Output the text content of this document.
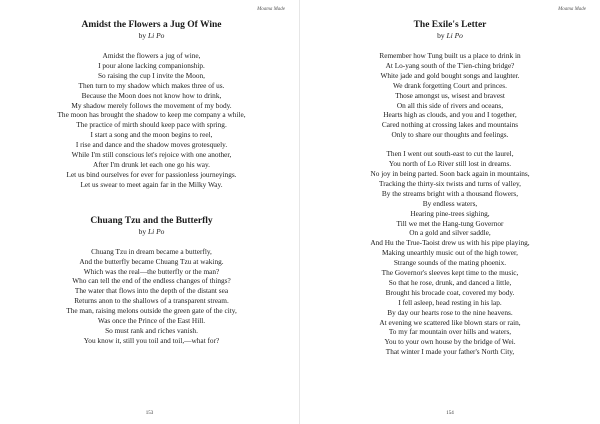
Moama Made

Amidst the Flowers a Jug Of Wine

by Li Po

Amidst the flowers a jug of wine,
I pour alone lacking companionship.
So raising the cup I invite the Moon,
Then turn to my shadow which makes three of us.
Because the Moon does not know how to drink,
My shadow merely follows the movement of my body.
The moon has brought the shadow to keep me company a while,
The practice of mirth should keep pace with spring.
I start a song and the moon begins to reel,
I rise and dance and the shadow moves grotesquely.
While I'm still conscious let's rejoice with one another,
After I'm drunk let each one go his way.
Let us bind ourselves for ever for passionless journeyings.
Let us swear to meet again far in the Milky Way.

Chuang Tzu and the Butterfly

by Li Po

Chuang Tzu in dream became a butterfly,
And the butterfly became Chuang Tzu at waking.
Which was the real—the butterfly or the man?
Who can tell the end of the endless changes of things?
The water that flows into the depth of the distant sea
Returns anon to the shallows of a transparent stream.
The man, raising melons outside the green gate of the city,
Was once the Prince of the East Hill.
So must rank and riches vanish.
You know it, still you toil and toil,—what for?
153
Moama Made

The Exile's Letter

by Li Po

Remember how Tung built us a place to drink in
At Lo-yang south of the T'ien-ching bridge?
White jade and gold bought songs and laughter.
We drank forgetting Court and princes.
Those amongst us, wisest and bravest
On all this side of rivers and oceans,
Hearts high as clouds, and you and I together,
Cared nothing at crossing lakes and mountains
Only to share our thoughts and feelings.
Then I went out south-east to cut the laurel,
You north of Lo River still lost in dreams.
No joy in being parted. Soon back again in mountains,
Tracking the thirty-six twists and turns of valley,
By the streams bright with a thousand flowers,
By endless waters,
Hearing pine-trees sighing,
Till we met the Hang-tung Governor
On a gold and silver saddle,
And Hu the True-Taoist drew us with his pipe playing,
Making unearthly music out of the high tower,
Strange sounds of the mating phoenix.
The Governor's sleeves kept time to the music,
So that he rose, drunk, and danced a little,
Brought his brocade coat, covered my body.
I fell asleep, head resting in his lap.
By day our hearts rose to the nine heavens.
At evening we scattered like blown stars or rain,
To my far mountain over hills and waters,
You to your own house by the bridge of Wei.
That winter I made your father's North City,
154
